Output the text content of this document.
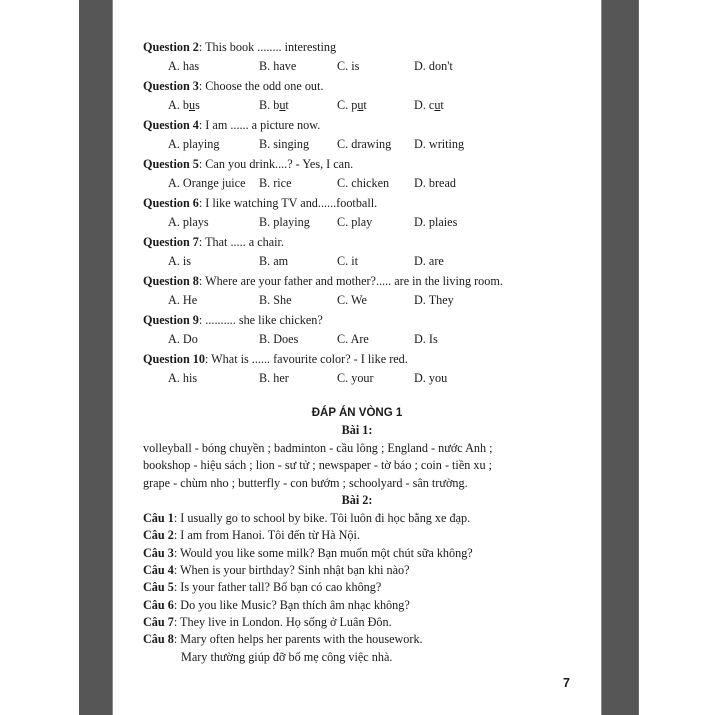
Question 2: This book ........ interesting
A. has	B. have	C. is	D. don't
Question 3: Choose the odd one out.
A. bus	B. but	C. put	D. cut
Question 4: I am ...... a picture now.
A. playing	B. singing C. drawing D. writing
Question 5: Can you drink....? - Yes, I can.
A. Orange juice B. rice	C. chicken D. bread
Question 6: I like watching TV and......football.
A. plays	B. playing C. play	D. plaies
Question 7: That ..... a chair.
A. is	B. am	C. it	D. are
Question 8: Where are your father and mother?..... are in the living room.
A. He	B. She	C. We	D. They
Question 9: .......... she like chicken?
A. Do	B. Does	C. Are	D. Is
Question 10: What is ...... favourite color? - I like red.
A. his	B. her	C. your	D. you
ĐÁP ÁN VÒNG 1
Bài 1:
volleyball - bóng chuyền ; badminton - cầu lông ; England - nước Anh ;
bookshop - hiệu sách ; lion - sư tử ; newspaper - tờ báo ; coin - tiền xu ;
grape - chùm nho ; butterfly - con bướm ; schoolyard - sân trường.
Bài 2:
Câu 1: I usually go to school by bike. Tôi luôn đi học bằng xe đạp.
Câu 2: I am from Hanoi. Tôi đến từ Hà Nội.
Câu 3: Would you like some milk? Bạn muốn một chút sữa không?
Câu 4: When is your birthday? Sinh nhật bạn khi nào?
Câu 5: Is your father tall? Bố bạn có cao không?
Câu 6: Do you like Music? Bạn thích âm nhạc không?
Câu 7: They live in London. Họ sống ở Luân Đôn.
Câu 8: Mary often helps her parents with the housework.
Mary thường giúp đỡ bố mẹ công việc nhà.
7
